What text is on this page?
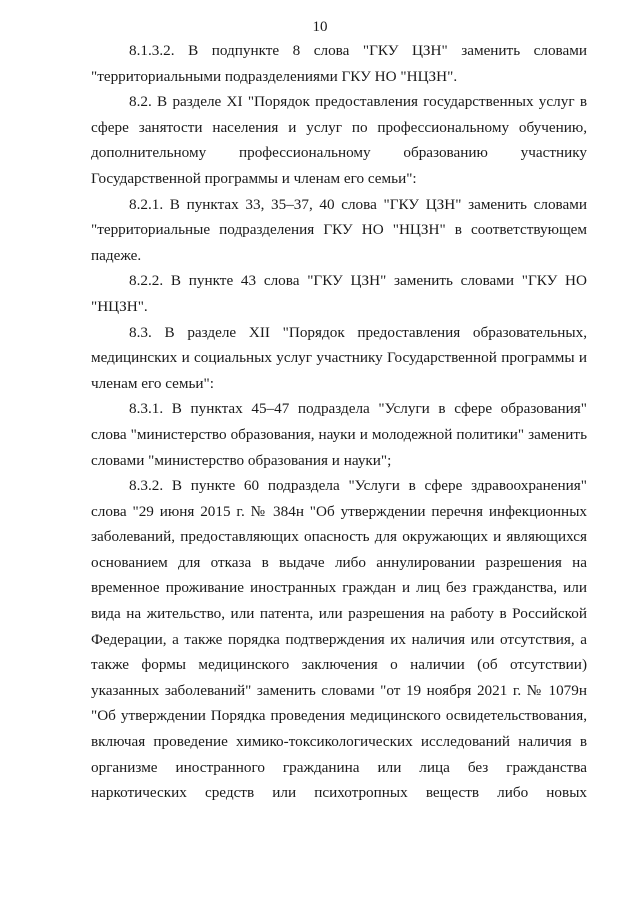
10

8.1.3.2. В подпункте 8 слова "ГКУ ЦЗН" заменить словами
"территориальными подразделениями ГКУ НО "НЦЗН".

8.2. В разделе XI "Порядок предоставления государственных услуг в
сфере занятости населения и услуг по профессиональному обучению,
дополнительному профессиональному образованию участнику
Государственной программы и членам его семьи":

8.2.1. В пунктах 33, 35–37, 40 слова "ГКУ ЦЗН" заменить словами
"территориальные подразделения ГКУ НО "НЦЗН" в соответствующем
падеже.

8.2.2. В пункте 43 слова "ГКУ ЦЗН" заменить словами "ГКУ НО
"НЦЗН".

8.3. В разделе XII "Порядок предоставления образовательных,
медицинских и социальных услуг участнику Государственной программы и
членам его семьи":

8.3.1. В пунктах 45–47 подраздела "Услуги в сфере образования"
слова "министерство образования, науки и молодежной политики" заменить
словами "министерство образования и науки";

8.3.2. В пункте 60 подраздела "Услуги в сфере здравоохранения"
слова "29 июня 2015 г. № 384н "Об утверждении перечня инфекционных
заболеваний, предоставляющих опасность для окружающих и являющихся
основанием для отказа в выдаче либо аннулировании разрешения на
временное проживание иностранных граждан и лиц без гражданства, или
вида на жительство, или патента, или разрешения на работу в Российской
Федерации, а также порядка подтверждения их наличия или отсутствия, а
также формы медицинского заключения о наличии (об отсутствии)
указанных заболеваний" заменить словами "от 19 ноября 2021 г. № 1079н
"Об утверждении Порядка проведения медицинского освидетельствования,
включая проведение химико-токсикологических исследований наличия в
организме иностранного гражданина или лица без гражданства
наркотических средств или психотропных веществ либо новых
